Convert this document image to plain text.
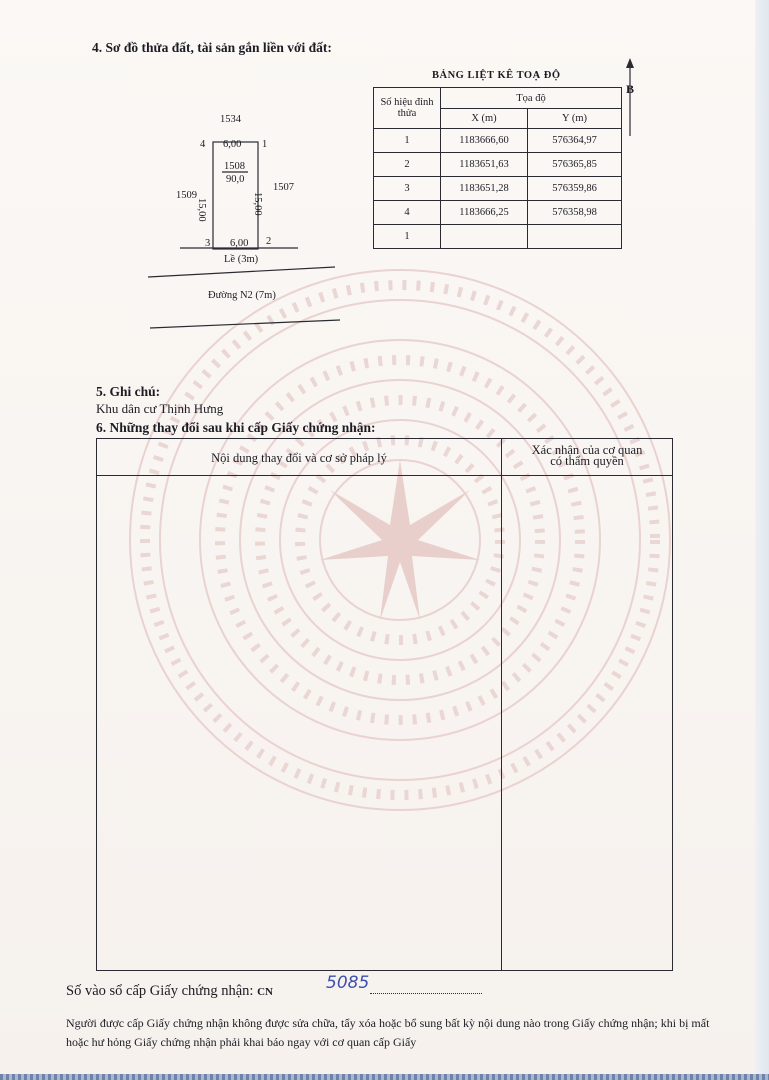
4. Sơ đồ thửa đất, tài sản gắn liền với đất:
1534
4 6,00 1
1508
90,0
1509
1507
15,00	15,00
3 6,00 2
Lề (3m)
Đường N2 (7m)
BẢNG LIỆT KÊ TOẠ ĐỘ
B
Số hiệu đỉnh thửa	Tọa độ	
	X (m)	Y (m)
1	1183666,60	576364,97
2	1183651,63	576365,85
3	1183651,28	576359,86
4	1183666,25	576358,98
1		
5. Ghi chú:
Khu dân cư Thịnh Hưng
6. Những thay đổi sau khi cấp Giấy chứng nhận:
Nội dung thay đổi và cơ sở pháp lý
Xác nhận của cơ quan
có thẩm quyền
Số vào sổ cấp Giấy chứng nhận: CN	5085
Người được cấp Giấy chứng nhận không được sửa chữa, tẩy xóa hoặc bổ sung bất kỳ nội dung nào trong Giấy chứng nhận; khi bị mất hoặc hư hỏng Giấy chứng nhận phải khai báo ngay với cơ quan cấp Giấy
